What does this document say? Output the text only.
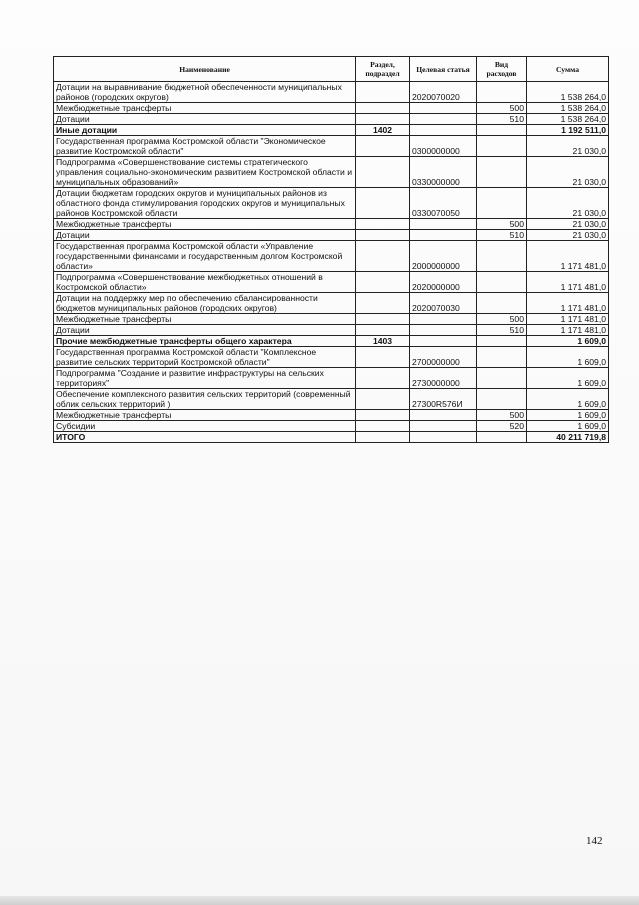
Наименование	Раздел, подраздел	Целевая статья	Вид расходов	Сумма
Дотации на выравнивание бюджетной обеспеченности муниципальных районов (городских округов)		2020070020		1 538 264,0
Межбюджетные трансферты			500	1 538 264,0
Дотации			510	1 538 264,0
Иные дотации	1402			1 192 511,0
Государственная программа Костромской области "Экономическое развитие Костромской области"		0300000000		21 030,0
Подпрограмма «Совершенствование системы стратегического управления социально-экономическим развитием Костромской области и муниципальных образований»		0330000000		21 030,0
Дотации бюджетам городских округов и муниципальных районов из областного фонда стимулирования городских округов и муниципальных районов Костромской области		0330070050		21 030,0
Межбюджетные трансферты			500	21 030,0
Дотации			510	21 030,0
Государственная программа Костромской области «Управление государственными финансами и государственным долгом Костромской области»		2000000000		1 171 481,0
Подпрограмма «Совершенствование межбюджетных отношений в Костромской области»		2020000000		1 171 481,0
Дотации на поддержку мер по обеспечению сбалансированности бюджетов муниципальных районов (городских округов)		2020070030		1 171 481,0
Межбюджетные трансферты			500	1 171 481,0
Дотации			510	1 171 481,0
Прочие межбюджетные трансферты общего характера	1403			1 609,0
Государственная программа Костромской области "Комплексное развитие сельских территорий Костромской области"		2700000000		1 609,0
Подпрограмма "Создание и развитие инфраструктуры на сельских территориях"		2730000000		1 609,0
Обеспечение комплексного развития сельских территорий (современный облик сельских территорий )		27300R576И		1 609,0
Межбюджетные трансферты			500	1 609,0
Субсидии			520	1 609,0
ИТОГО				40 211 719,8
142
